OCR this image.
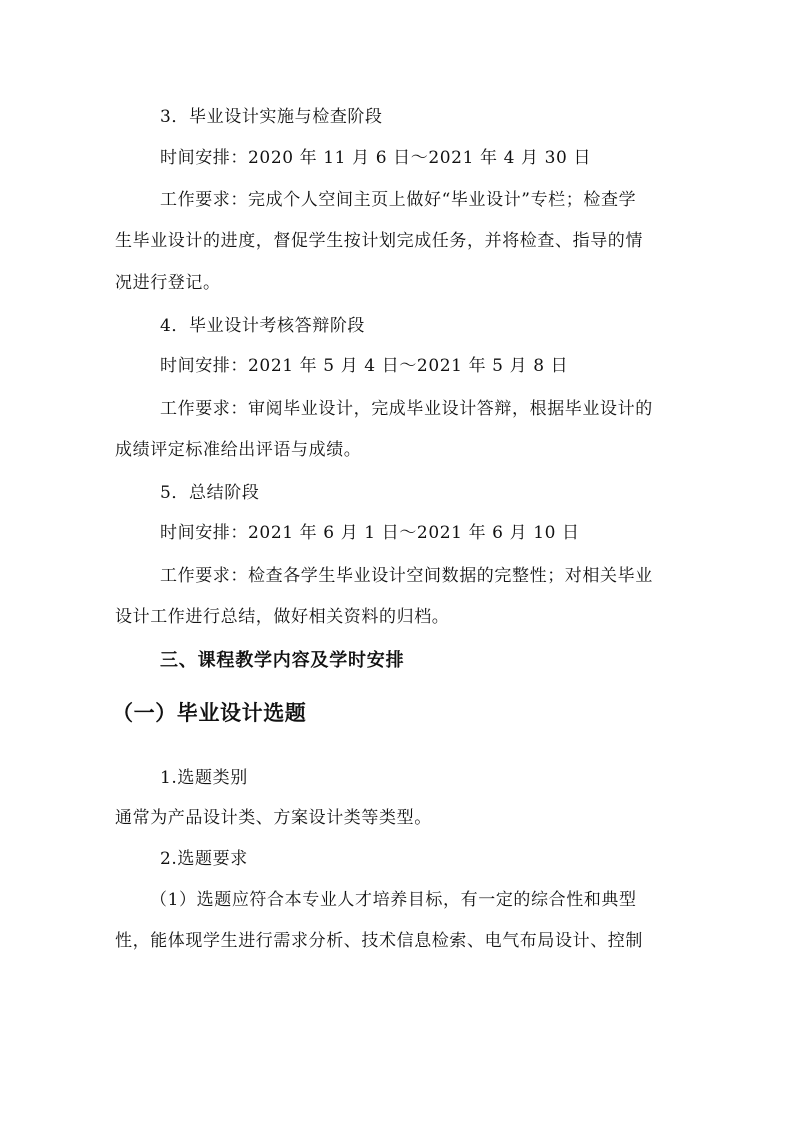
3．毕业设计实施与检查阶段
时间安排：2020 年 11 月 6 日～2021 年 4 月 30 日
工作要求：完成个人空间主页上做好“毕业设计”专栏；检查学
生毕业设计的进度，督促学生按计划完成任务，并将检查、指导的情
况进行登记。
4．毕业设计考核答辩阶段
时间安排：2021 年 5 月 4 日～2021 年 5 月 8 日
工作要求：审阅毕业设计，完成毕业设计答辩，根据毕业设计的
成绩评定标准给出评语与成绩。
5．总结阶段
时间安排：2021 年 6 月 1 日～2021 年 6 月 10 日
工作要求：检查各学生毕业设计空间数据的完整性；对相关毕业
设计工作进行总结，做好相关资料的归档。
三、课程教学内容及学时安排
（一）毕业设计选题
1.选题类别
通常为产品设计类、方案设计类等类型。
2.选题要求
（1）选题应符合本专业人才培养目标，有一定的综合性和典型
性，能体现学生进行需求分析、技术信息检索、电气布局设计、控制
